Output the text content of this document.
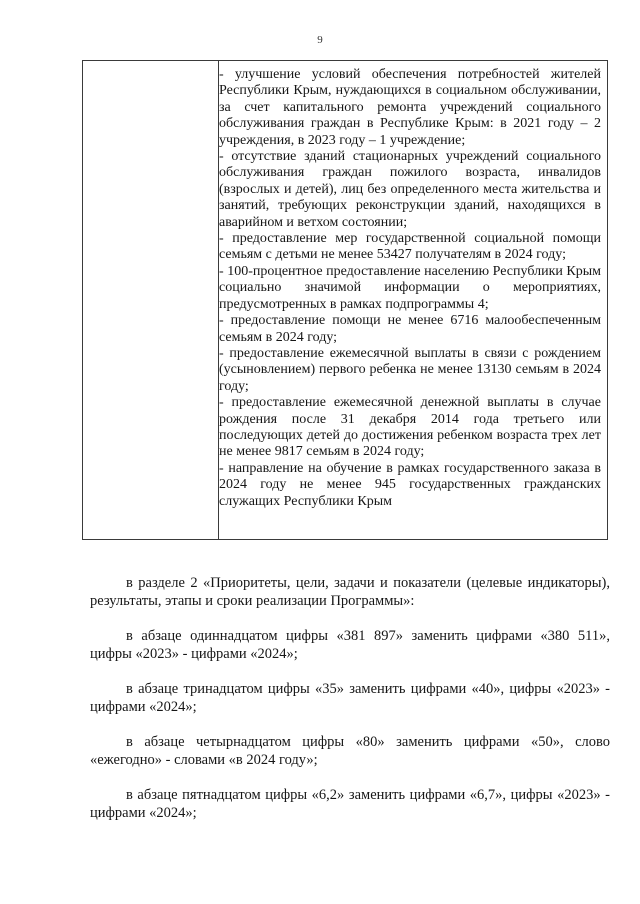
9

- улучшение условий обеспечения потребностей жителей Республики Крым, нуждающихся в социальном обслуживании, за счет капитального ремонта учреждений социального обслуживания граждан в Республике Крым: в 2021 году – 2 учреждения, в 2023 году – 1 учреждение;

- отсутствие зданий стационарных учреждений социального обслуживания граждан пожилого возраста, инвалидов (взрослых и детей), лиц без определенного места жительства и занятий, требующих реконструкции зданий, находящихся в аварийном и ветхом состоянии;

- предоставление мер государственной социальной помощи семьям с детьми не менее 53427 получателям в 2024 году;

- 100-процентное предоставление населению Республики Крым социально значимой информации о мероприятиях, предусмотренных в рамках подпрограммы 4;

- предоставление помощи не менее 6716 малообеспеченным семьям в 2024 году;

- предоставление ежемесячной выплаты в связи с рождением (усыновлением) первого ребенка не менее 13130 семьям в 2024 году;

- предоставление ежемесячной денежной выплаты в случае рождения после 31 декабря 2014 года третьего или последующих детей до достижения ребенком возраста трех лет не менее 9817 семьям в 2024 году;

- направление на обучение в рамках государственного заказа в 2024 году не менее 945 государственных гражданских служащих Республики Крым

в разделе 2 «Приоритеты, цели, задачи и показатели (целевые индикаторы), результаты, этапы и сроки реализации Программы»:

в абзаце одиннадцатом цифры «381 897» заменить цифрами «380 511», цифры «2023» - цифрами «2024»;

в абзаце тринадцатом цифры «35» заменить цифрами «40», цифры «2023» - цифрами «2024»;

в абзаце четырнадцатом цифры «80» заменить цифрами «50», слово «ежегодно» - словами «в 2024 году»;

в абзаце пятнадцатом цифры «6,2» заменить цифрами «6,7», цифры «2023» - цифрами «2024»;
